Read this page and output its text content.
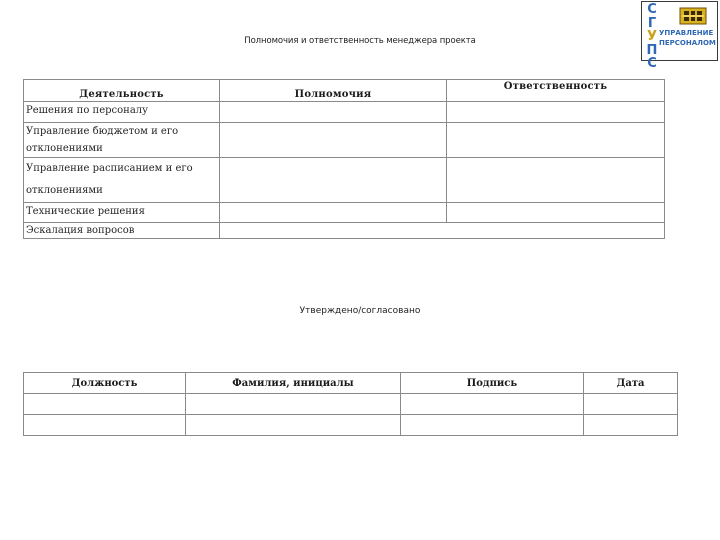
С
Г
У
П
С
УПРАВЛЕНИЕ
ПЕРСОНАЛОМ
Полномочия и ответственность менеджера проекта
Деятельность	Полномочия	Ответственность
Решения по персоналу		
Управление бюджетом и его отклонениями		
Управление расписанием и его отклонениями		
Технические решения		
Эскалация вопросов		
Утверждено/согласовано
Должность	Фамилия, инициалы	Подпись	Дата
